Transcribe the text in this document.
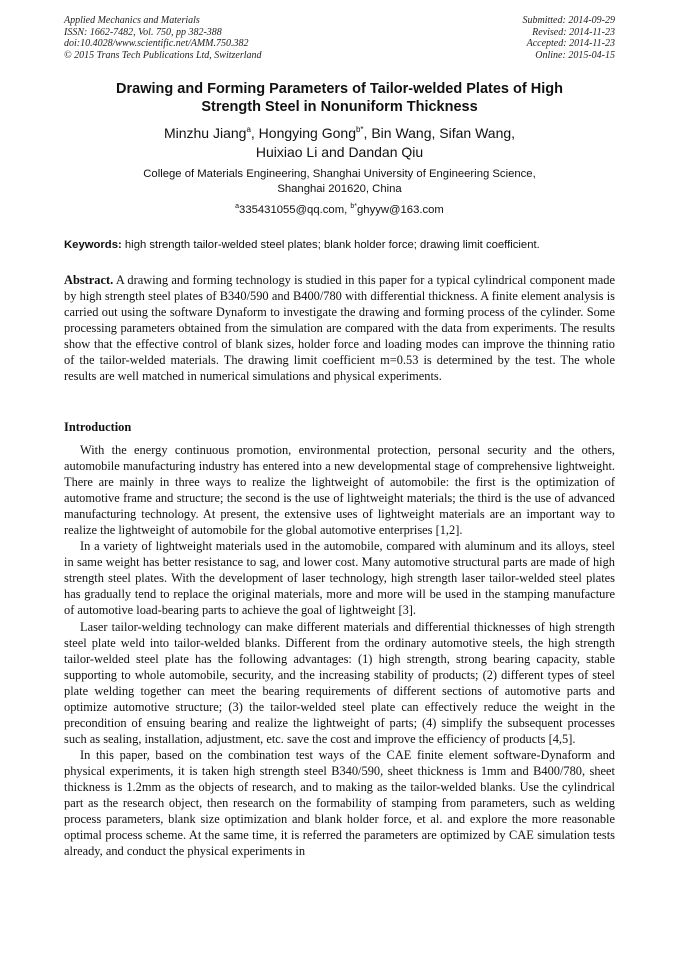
Applied Mechanics and Materials
ISSN: 1662-7482, Vol. 750, pp 382-388
doi:10.4028/www.scientific.net/AMM.750.382
© 2015 Trans Tech Publications Ltd, Switzerland
Submitted: 2014-09-29
Revised: 2014-11-23
Accepted: 2014-11-23
Online: 2015-04-15
Drawing and Forming Parameters of Tailor-welded Plates of High
Strength Steel in Nonuniform Thickness
Minzhu Jiang$^a$, Hongying Gong$^{b*}$, Bin Wang, Sifan Wang,
Huixiao Li and Dandan Qiu
College of Materials Engineering, Shanghai University of Engineering Science,
Shanghai 201620, China
$^a$335431055@qq.com, $^{b*}$ghyyw@163.com
Keywords: high strength tailor-welded steel plates; blank holder force; drawing limit coefficient.
Abstract. A drawing and forming technology is studied in this paper for a typical cylindrical component made by high strength steel plates of B340/590 and B400/780 with differential thickness. A finite element analysis is carried out using the software Dynaform to investigate the drawing and forming process of the cylinder. Some processing parameters obtained from the simulation are compared with the data from experiments. The results show that the effective control of blank sizes, holder force and loading modes can improve the thinning ratio of the tailor-welded materials. The drawing limit coefficient m=0.53 is determined by the test. The whole results are well matched in numerical simulations and physical experiments.
Introduction

With the energy continuous promotion, environmental protection, personal security and the others, automobile manufacturing industry has entered into a new developmental stage of comprehensive lightweight. There are mainly in three ways to realize the lightweight of automobile: the first is the optimization of automotive frame and structure; the second is the use of lightweight materials; the third is the use of advanced manufacturing technology. At present, the extensive uses of lightweight materials are an important way to realize the lightweight of automobile for the global automotive enterprises [1,2].

In a variety of lightweight materials used in the automobile, compared with aluminum and its alloys, steel in same weight has better resistance to sag, and lower cost. Many automotive structural parts are made of high strength steel plates. With the development of laser technology, high strength laser tailor-welded steel plates has gradually tend to replace the original materials, more and more will be used in the stamping manufacture of automotive load-bearing parts to achieve the goal of lightweight [3].

Laser tailor-welding technology can make different materials and differential thicknesses of high strength steel plate weld into tailor-welded blanks. Different from the ordinary automotive steels, the high strength tailor-welded steel plate has the following advantages: (1) high strength, strong bearing capacity, stable supporting to whole automobile, security, and the increasing stability of products; (2) different types of steel plate welding together can meet the bearing requirements of different sections of automotive parts and optimize automotive structure; (3) the tailor-welded steel plate can effectively reduce the weight in the precondition of ensuing bearing and realize the lightweight of parts; (4) simplify the subsequent processes such as sealing, installation, adjustment, etc. save the cost and improve the efficiency of products [4,5].

In this paper, based on the combination test ways of the CAE finite element software-Dynaform and physical experiments, it is taken high strength steel B340/590, sheet thickness is 1mm and B400/780, sheet thickness is 1.2mm as the objects of research, and to making as the tailor-welded blanks. Use the cylindrical part as the research object, then research on the formability of stamping from parameters, such as welding process parameters, blank size optimization and blank holder force, et al. and explore the more reasonable optimal process scheme. At the same time, it is referred the parameters are optimized by CAE simulation tests already, and conduct the physical experiments in
